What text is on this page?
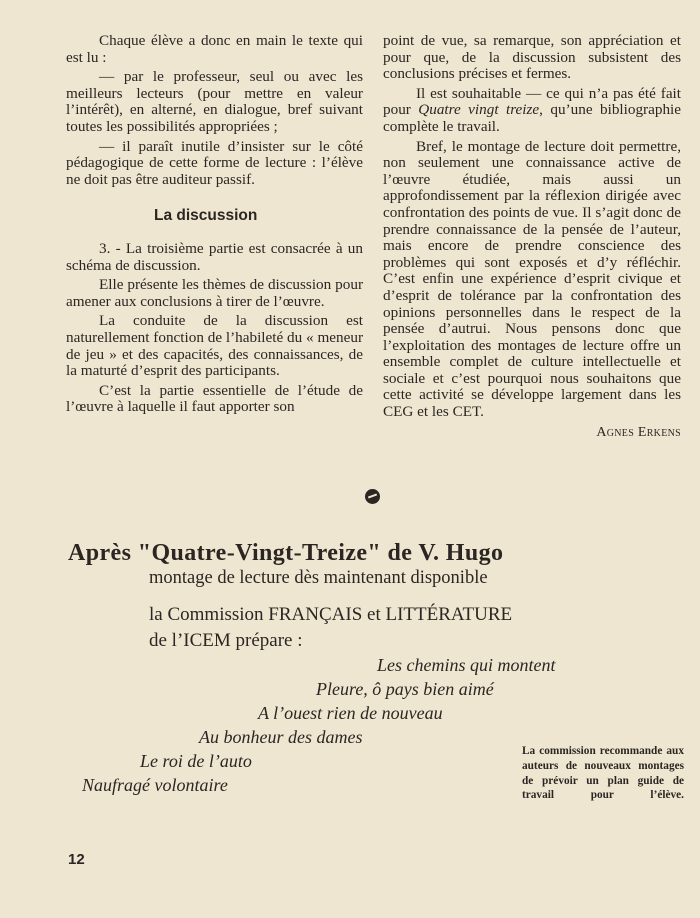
Chaque élève a donc en main le texte qui est lu :

— par le professeur, seul ou avec les meilleurs lecteurs (pour mettre en valeur l’intérêt), en alterné, en dialogue, bref suivant toutes les possibilités appropriées ;

— il paraît inutile d’insister sur le côté pédagogique de cette forme de lecture : l’élève ne doit pas être auditeur passif.

La discussion

3. - La troisième partie est consacrée à un schéma de discussion.

Elle présente les thèmes de discussion pour amener aux conclusions à tirer de l’œuvre.

La conduite de la discussion est naturellement fonction de l’habileté du « meneur de jeu » et des capacités, des connaissances, de la maturté d’esprit des participants.

C’est la partie essentielle de l’étude de l’œuvre à laquelle il faut apporter son

point de vue, sa remarque, son appréciation et pour que, de la discussion subsistent des conclusions précises et fermes.

Il est souhaitable — ce qui n’a pas été fait pour Quatre vingt treize, qu’une bibliographie complète le travail.

Bref, le montage de lecture doit permettre, non seulement une connaissance active de l’œuvre étudiée, mais aussi un approfondissement par la réflexion dirigée avec confrontation des points de vue. Il s’agit donc de prendre connaissance de la pensée de l’auteur, mais encore de prendre conscience des problèmes qui sont exposés et d’y réfléchir. C’est enfin une expérience d’esprit civique et d’esprit de tolérance par la confrontation des opinions personnelles dans le respect de la pensée d’autrui. Nous pensons donc que l’exploitation des montages de lecture offre un ensemble complet de culture intellectuelle et sociale et c’est pourquoi nous souhaitons que cette activité se développe largement dans les CEG et les CET.

Agnes Erkens
Après "Quatre-Vingt-Treize" de V. Hugo
montage de lecture dès maintenant disponible
la Commission FRANÇAIS et LITTÉRATURE
de l’ICEM prépare :
Les chemins qui montent
Pleure, ô pays bien aimé
A l’ouest rien de nouveau
Au bonheur des dames
Le roi de l’auto
Naufragé volontaire
La commission recommande aux auteurs de nouveaux montages de prévoir un plan guide de travail pour l’élève.
12
